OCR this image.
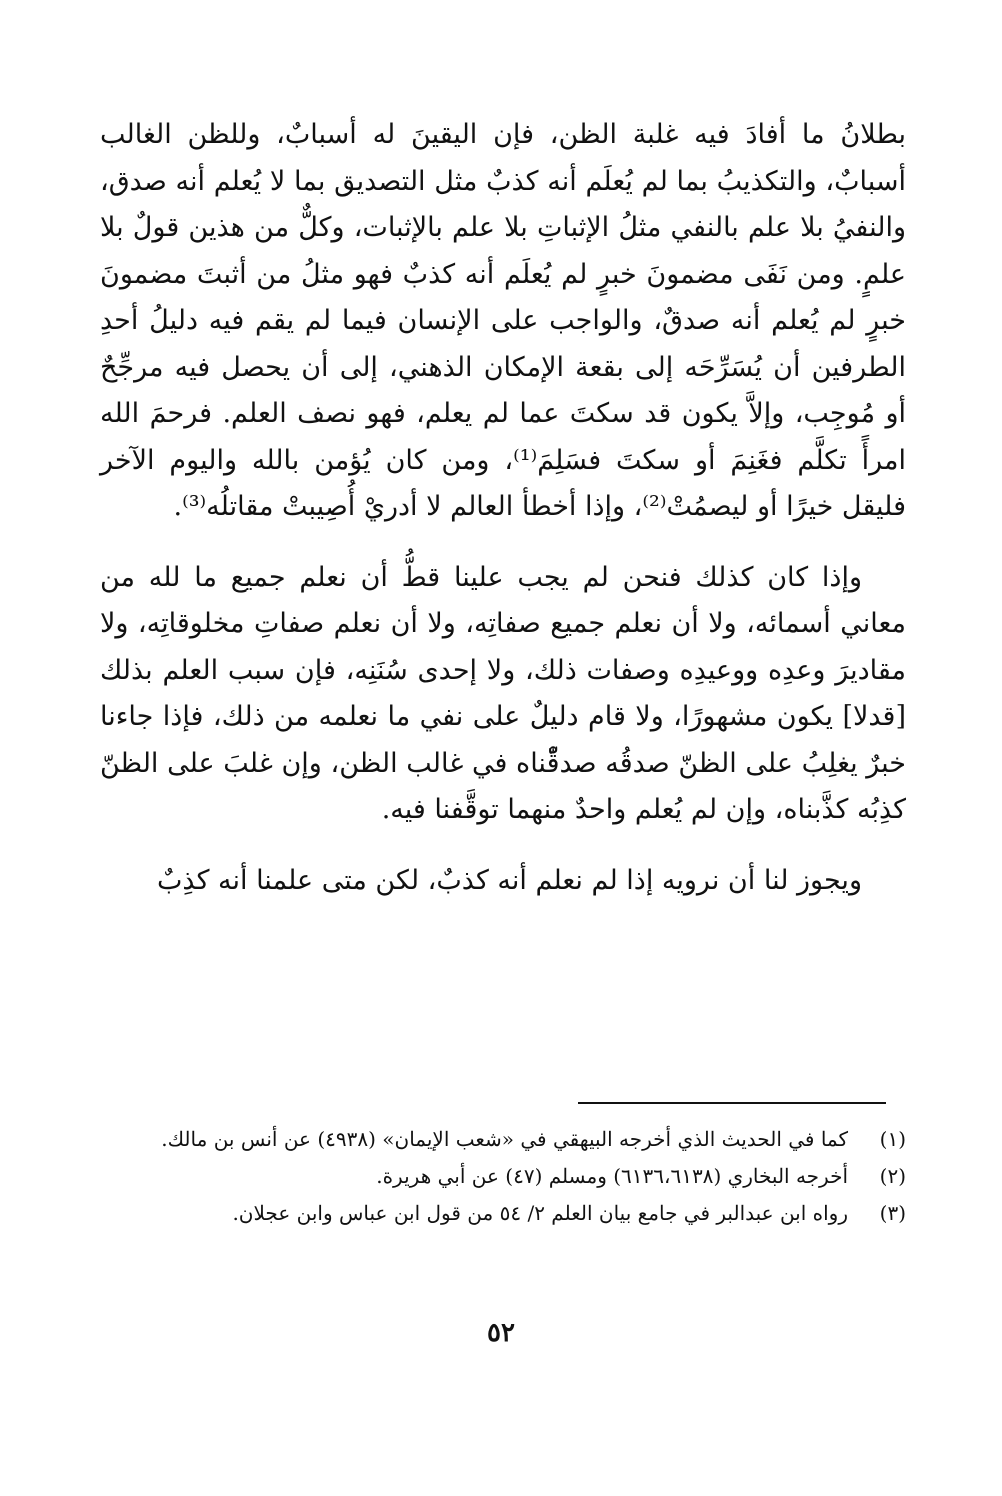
بطلانُ ما أفادَ فيه غلبة الظن، فإن اليقينَ له أسبابٌ، وللظن الغالب أسبابٌ، والتكذيبُ بما لم يُعلَم أنه كذبٌ مثل التصديق بما لا يُعلم أنه صدق، والنفيُ بلا علم بالنفي مثلُ الإثباتِ بلا علم بالإثبات، وكلٌّ من هذين قولٌ بلا علمٍ. ومن نَفَى مضمونَ خبرٍ لم يُعلَم أنه كذبٌ فهو مثلُ من أثبتَ مضمونَ خبرٍ لم يُعلم أنه صدقٌ، والواجب على الإنسان فيما لم يقم فيه دليلُ أحدِ الطرفين أن يُسَرِّحَه إلى بقعة الإمكان الذهني، إلى أن يحصل فيه مرجِّحٌ أو مُوجِب، وإلاَّ يكون قد سكتَ عما لم يعلم، فهو نصف العلم. فرحمَ الله امرأً تكلَّم فغَنِمَ أو سكتَ فسَلِمَ⁽¹⁾، ومن كان يُؤمن بالله واليوم الآخر فليقل خيرًا أو ليصمُتْ⁽²⁾، وإذا أخطأ العالم لا أدريْ أُصِيبتْ مقاتلُه⁽³⁾.

وإذا كان كذلك فنحن لم يجب علينا قطُّ أن نعلم جميع ما لله من معاني أسمائه، ولا أن نعلم جميع صفاتِه، ولا أن نعلم صفاتِ مخلوقاتِه، ولا مقاديرَ وعدِه ووعيدِه وصفات ذلك، ولا إحدى سُنَنِه، فإن سبب العلم بذلك [قدلا] يكون مشهورًا، ولا قام دليلٌ على نفي ما نعلمه من ذلك، فإذا جاءنا خبرٌ يغلِبُ على الظنّ صدقُه صدقّْناه في غالب الظن، وإن غلبَ على الظنّ كذِبُه كذَّبناه، وإن لم يُعلم واحدٌ منهما توقَّفنا فيه.

ويجوز لنا أن نرويه إذا لم نعلم أنه كذبٌ، لكن متى علمنا أنه كذِبٌ

(١)
كما في الحديث الذي أخرجه البيهقي في «شعب الإيمان» (٤٩٣٨) عن أنس بن مالك.
(٢)
أخرجه البخاري (٦١٣٦،٦١٣٨) ومسلم (٤٧) عن أبي هريرة.
(٣)
رواه ابن عبدالبر في جامع بيان العلم ٢/ ٥٤ من قول ابن عباس وابن عجلان.
٥٢
